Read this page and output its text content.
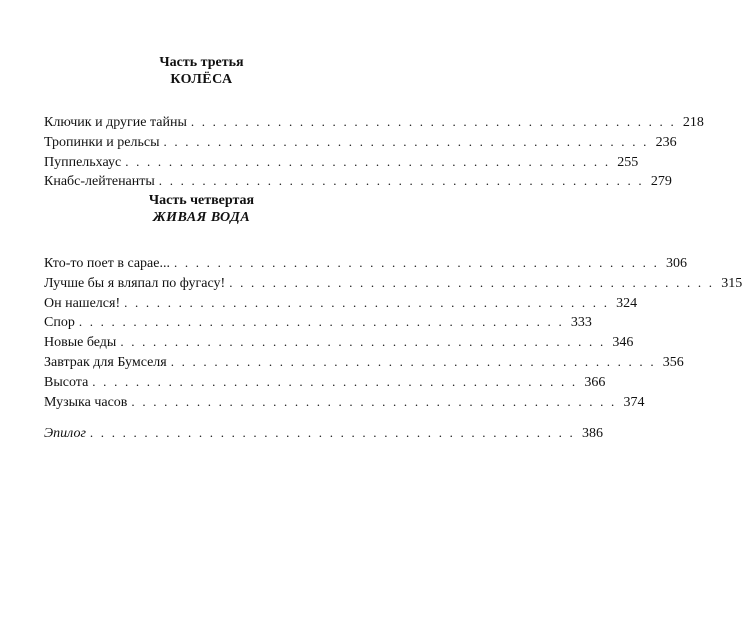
Часть третья

КОЛЁСА

Ключик и другие тайны . . . . . . . . . . . . . . . . . . . . . . . . . . . . . . . . . . . . . . . . . . . . . 218
Тропинки и рельсы . . . . . . . . . . . . . . . . . . . . . . . . . . . . . . . . . . . . . . . . . . . . . 236
Пуппельхаус . . . . . . . . . . . . . . . . . . . . . . . . . . . . . . . . . . . . . . . . . . . . . 255
Кнабс-лейтенанты . . . . . . . . . . . . . . . . . . . . . . . . . . . . . . . . . . . . . . . . . . . . . 279

Часть четвертая

ЖИВАЯ ВОДА

Кто-то поет в сарае... . . . . . . . . . . . . . . . . . . . . . . . . . . . . . . . . . . . . . . . . . . . . . 306
Лучше бы я вляпал по фугасу! . . . . . . . . . . . . . . . . . . . . . . . . . . . . . . . . . . . . . . . . . . . . . 315
Он нашелся! . . . . . . . . . . . . . . . . . . . . . . . . . . . . . . . . . . . . . . . . . . . . . 324
Спор . . . . . . . . . . . . . . . . . . . . . . . . . . . . . . . . . . . . . . . . . . . . . 333
Новые беды . . . . . . . . . . . . . . . . . . . . . . . . . . . . . . . . . . . . . . . . . . . . . 346
Завтрак для Бумселя . . . . . . . . . . . . . . . . . . . . . . . . . . . . . . . . . . . . . . . . . . . . . 356
Высота . . . . . . . . . . . . . . . . . . . . . . . . . . . . . . . . . . . . . . . . . . . . . 366
Музыка часов . . . . . . . . . . . . . . . . . . . . . . . . . . . . . . . . . . . . . . . . . . . . . 374
Эпилог . . . . . . . . . . . . . . . . . . . . . . . . . . . . . . . . . . . . . . . . . . . . . 386
